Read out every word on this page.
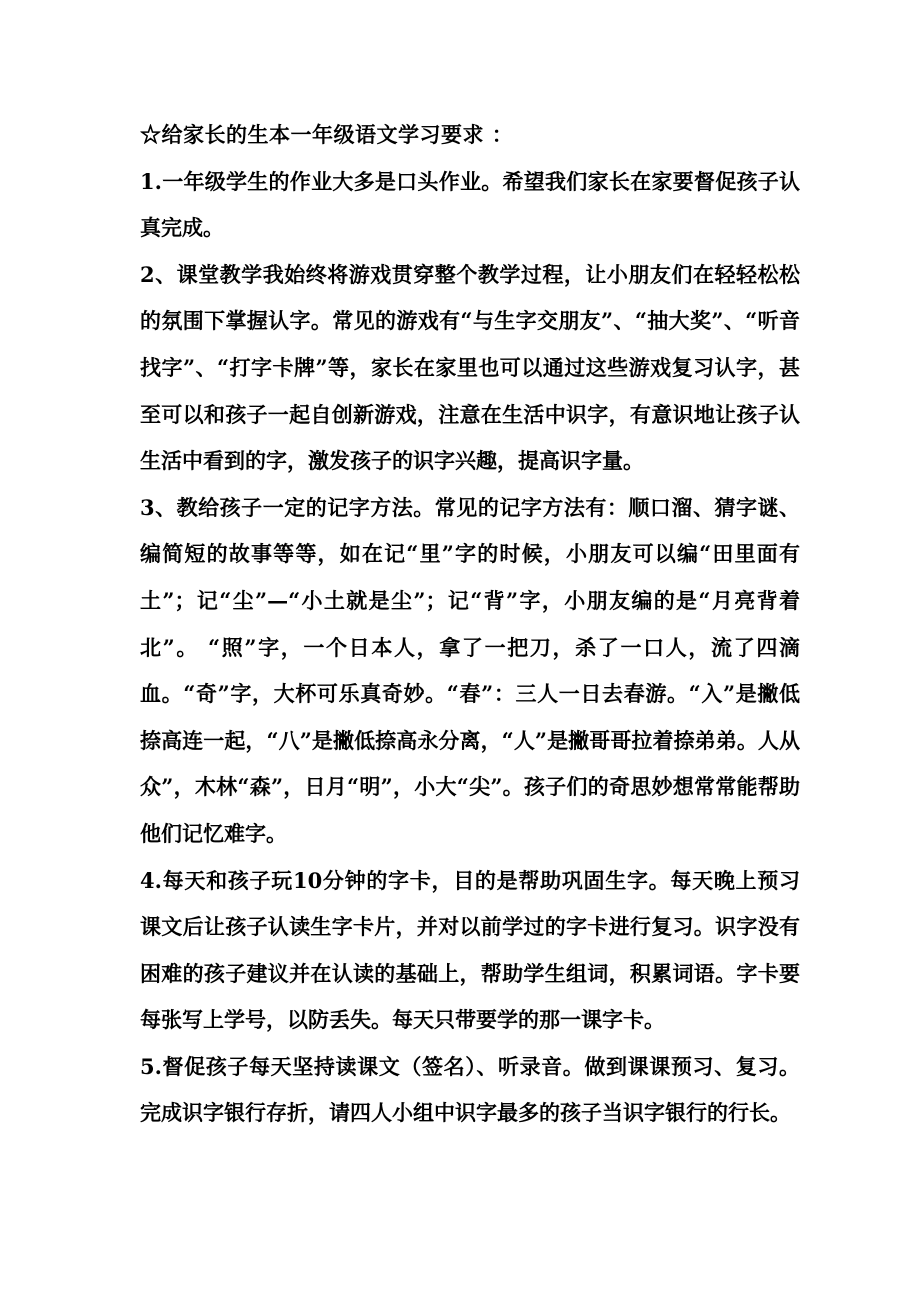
☆给家长的生本一年级语文学习要求 ：

1.一年级学生的作业大多是口头作业。希望我们家长在家要督促孩子认真完成。

2、课堂教学我始终将游戏贯穿整个教学过程，让小朋友们在轻轻松松的氛围下掌握认字。常见的游戏有“与生字交朋友”、“抽大奖”、“听音找字”、“打字卡牌”等，家长在家里也可以通过这些游戏复习认字，甚至可以和孩子一起自创新游戏，注意在生活中识字，有意识地让孩子认生活中看到的字，激发孩子的识字兴趣，提高识字量。

3、教给孩子一定的记字方法。常见的记字方法有：顺口溜、猜字谜、编简短的故事等等，如在记“里”字的时候，小朋友可以编“田里面有土”；记“尘”—“小土就是尘”；记“背”字，小朋友编的是“月亮背着北”。 “照”字，一个日本人，拿了一把刀，杀了一口人，流了四滴血。“奇”字，大杯可乐真奇妙。“春”：三人一日去春游。“入”是撇低捺高连一起，“八”是撇低捺高永分离，“人”是撇哥哥拉着捺弟弟。人从众”，木林“森”，日月“明”，小大“尖”。孩子们的奇思妙想常常能帮助他们记忆难字。

4.每天和孩子玩10分钟的字卡，目的是帮助巩固生字。每天晚上预习课文后让孩子认读生字卡片，并对以前学过的字卡进行复习。识字没有困难的孩子建议并在认读的基础上，帮助学生组词，积累词语。字卡要每张写上学号，以防丢失。每天只带要学的那一课字卡。

5.督促孩子每天坚持读课文（签名）、听录音。做到课课预习、复习。完成识字银行存折，请四人小组中识字最多的孩子当识字银行的行长。
